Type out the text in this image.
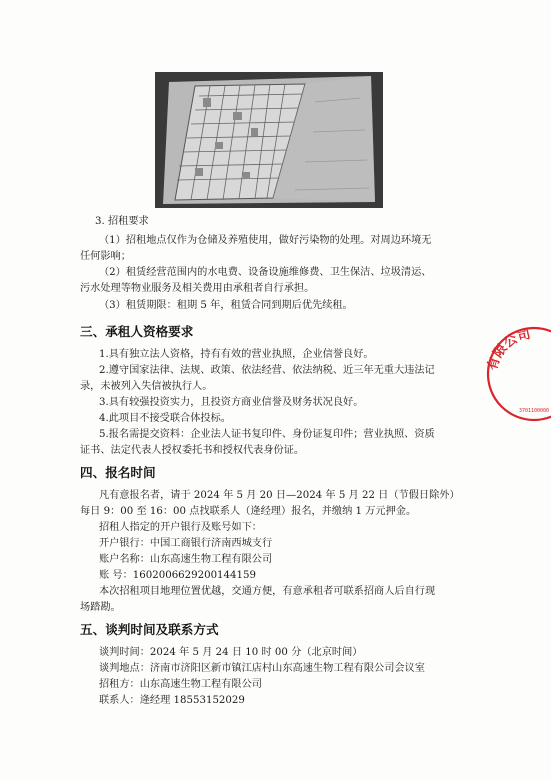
3. 招租要求
（1）招租地点仅作为仓储及养殖使用，做好污染物的处理。对周边环境无
任何影响；
（2）租赁经营范围内的水电费、设备设施维修费、卫生保洁、垃圾清运、
污水处理等物业服务及相关费用由承租者自行承担。
（3）租赁期限：租期 5 年，租赁合同到期后优先续租。
三、承租人资格要求
1.具有独立法人资格，持有有效的营业执照，企业信誉良好。
2.遵守国家法律、法规、政策、依法经营、依法纳税、近三年无重大违法记
录，未被列入失信被执行人。
3.具有较强投资实力，且投资方商业信誉及财务状况良好。
4.此项目不接受联合体投标。
5.报名需提交资料：企业法人证书复印件、身份证复印件；营业执照、资质
证书、法定代表人授权委托书和授权代表身份证。
四、报名时间
凡有意报名者，请于 2024 年 5 月 20 日—2024 年 5 月 22 日（节假日除外）
每日 9：00 至 16：00 点找联系人（逄经理）报名，并缴纳 1 万元押金。
招租人指定的开户银行及账号如下：
开户银行：中国工商银行济南西城支行
账户名称：山东高速生物工程有限公司
账 号：1602006629200144159
本次招租项目地理位置优越，交通方便，有意承租者可联系招商人后自行现
场踏勘。
五、谈判时间及联系方式
谈判时间：2024 年 5 月 24 日 10 时 00 分（北京时间）
谈判地点：济南市济阳区新市镇江店村山东高速生物工程有限公司会议室
招租方：山东高速生物工程有限公司
联系人：逄经理 18553152029
有限公司
3701100000
